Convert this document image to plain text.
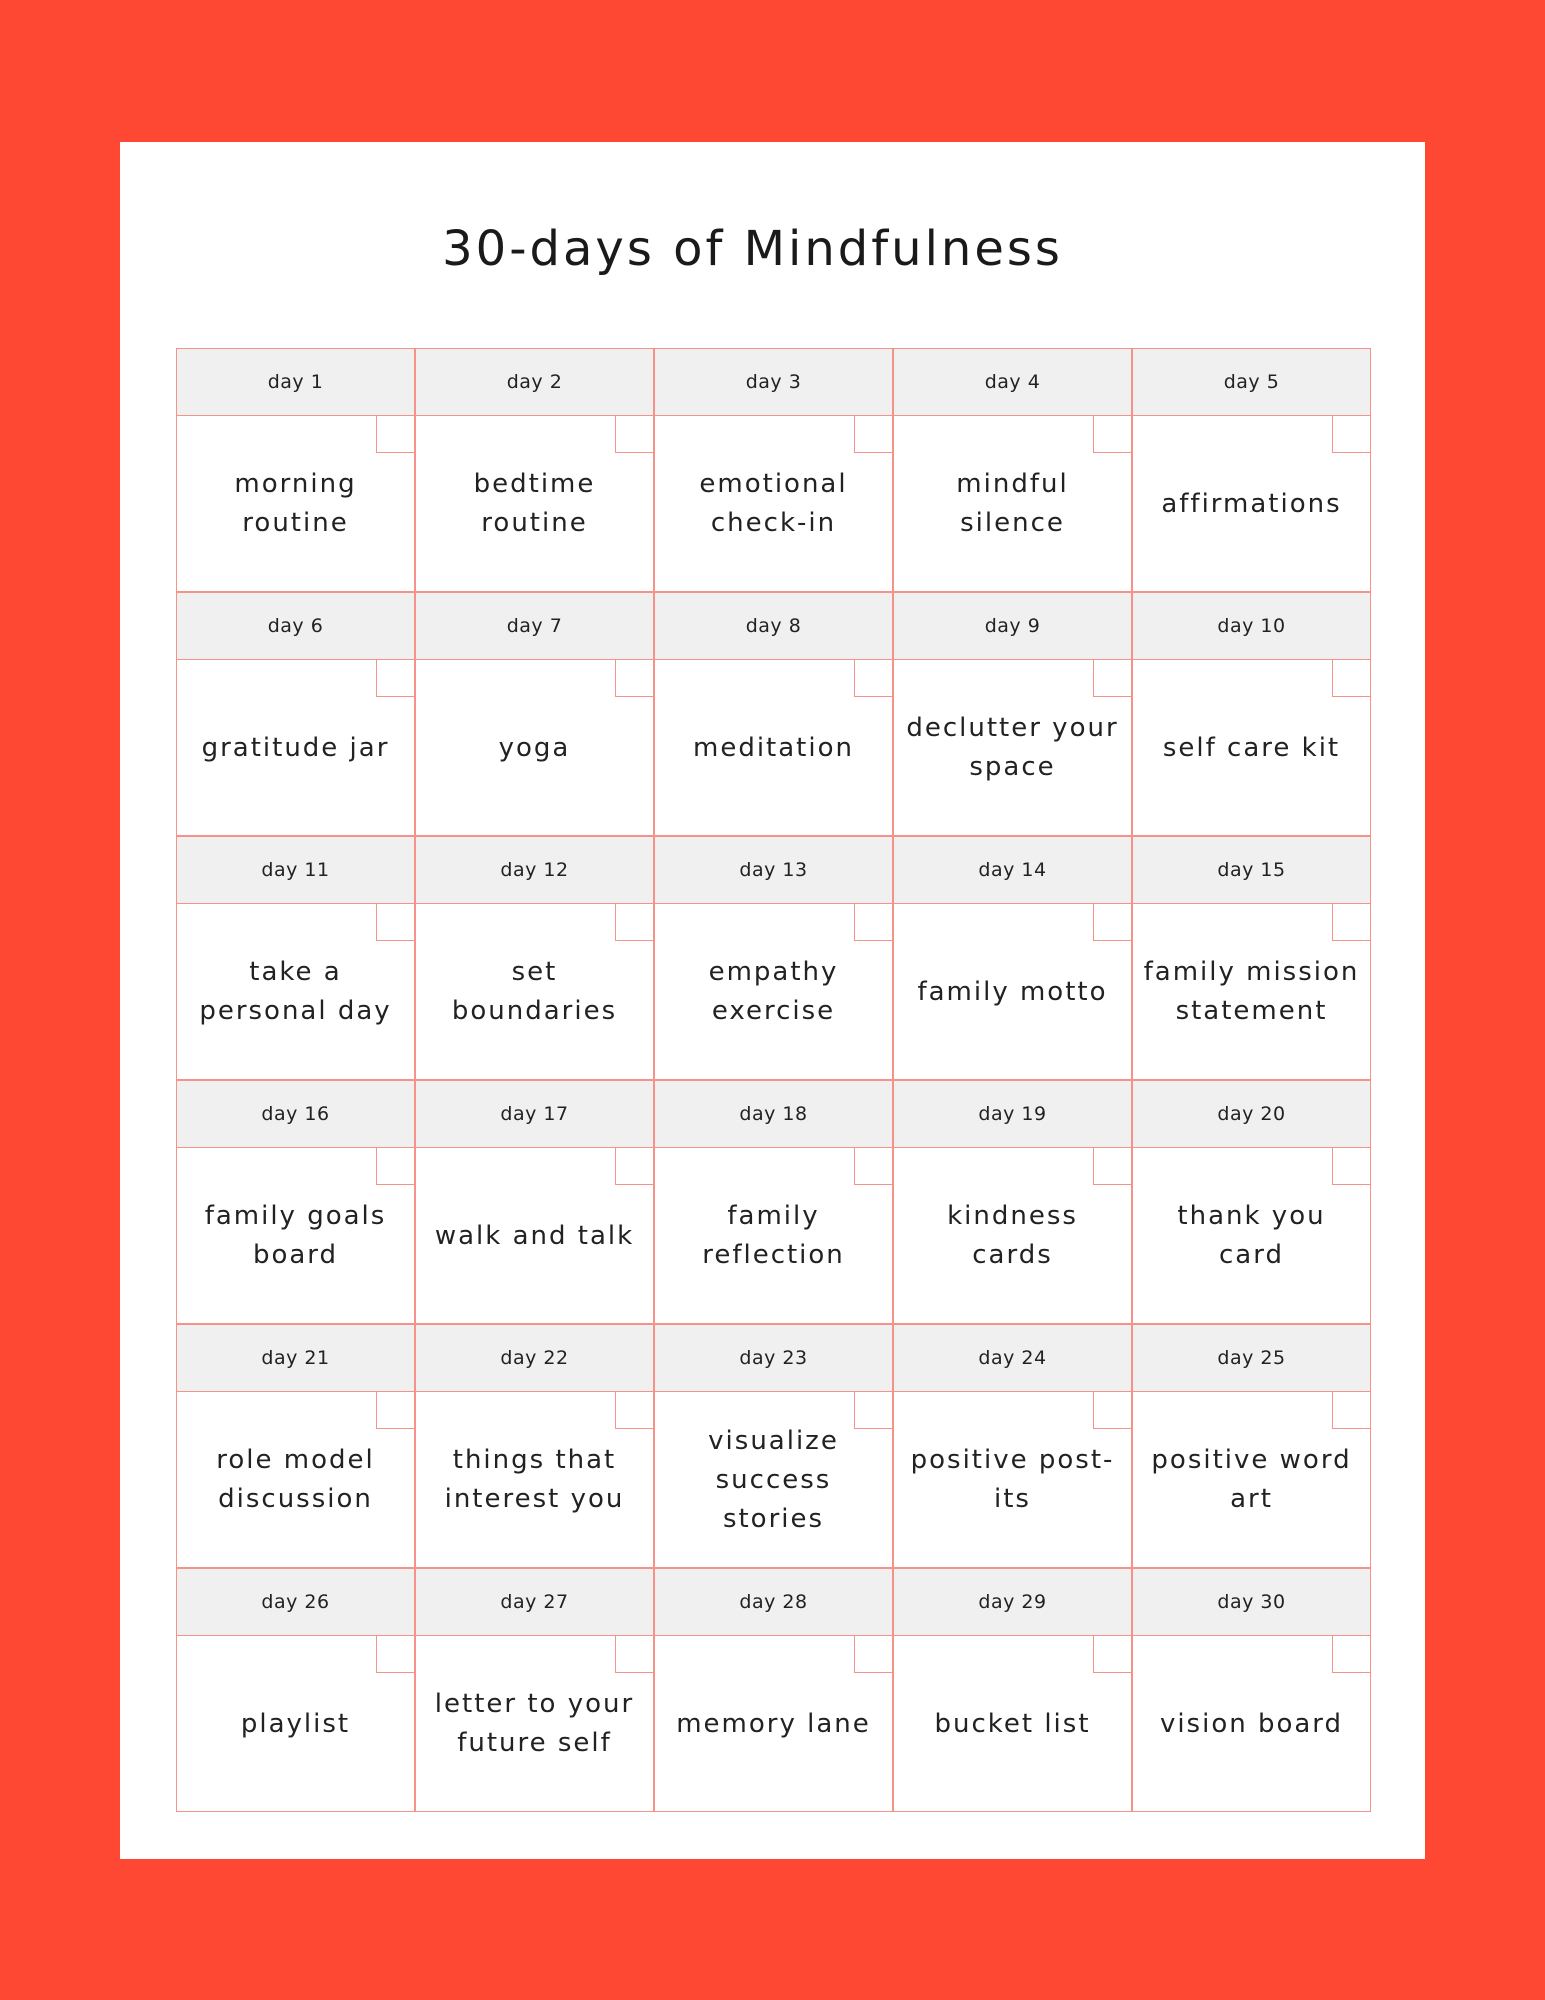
30-days of Mindfulness
day 1
morning routine
day 2
bedtime routine
day 3
emotional check-in
day 4
mindful silence
day 5
affirmations
day 6
gratitude jar
day 7
yoga
day 8
meditation
day 9
declutter your space
day 10
self care kit
day 11
take a personal day
day 12
set boundaries
day 13
empathy exercise
day 14
family motto
day 15
family mission statement
day 16
family goals board
day 17
walk and talk
day 18
family reflection
day 19
kindness cards
day 20
thank you card
day 21
role model discussion
day 22
things that interest you
day 23
visualize success stories
day 24
positive post-its
day 25
positive word art
day 26
playlist
day 27
letter to your future self
day 28
memory lane
day 29
bucket list
day 30
vision board
